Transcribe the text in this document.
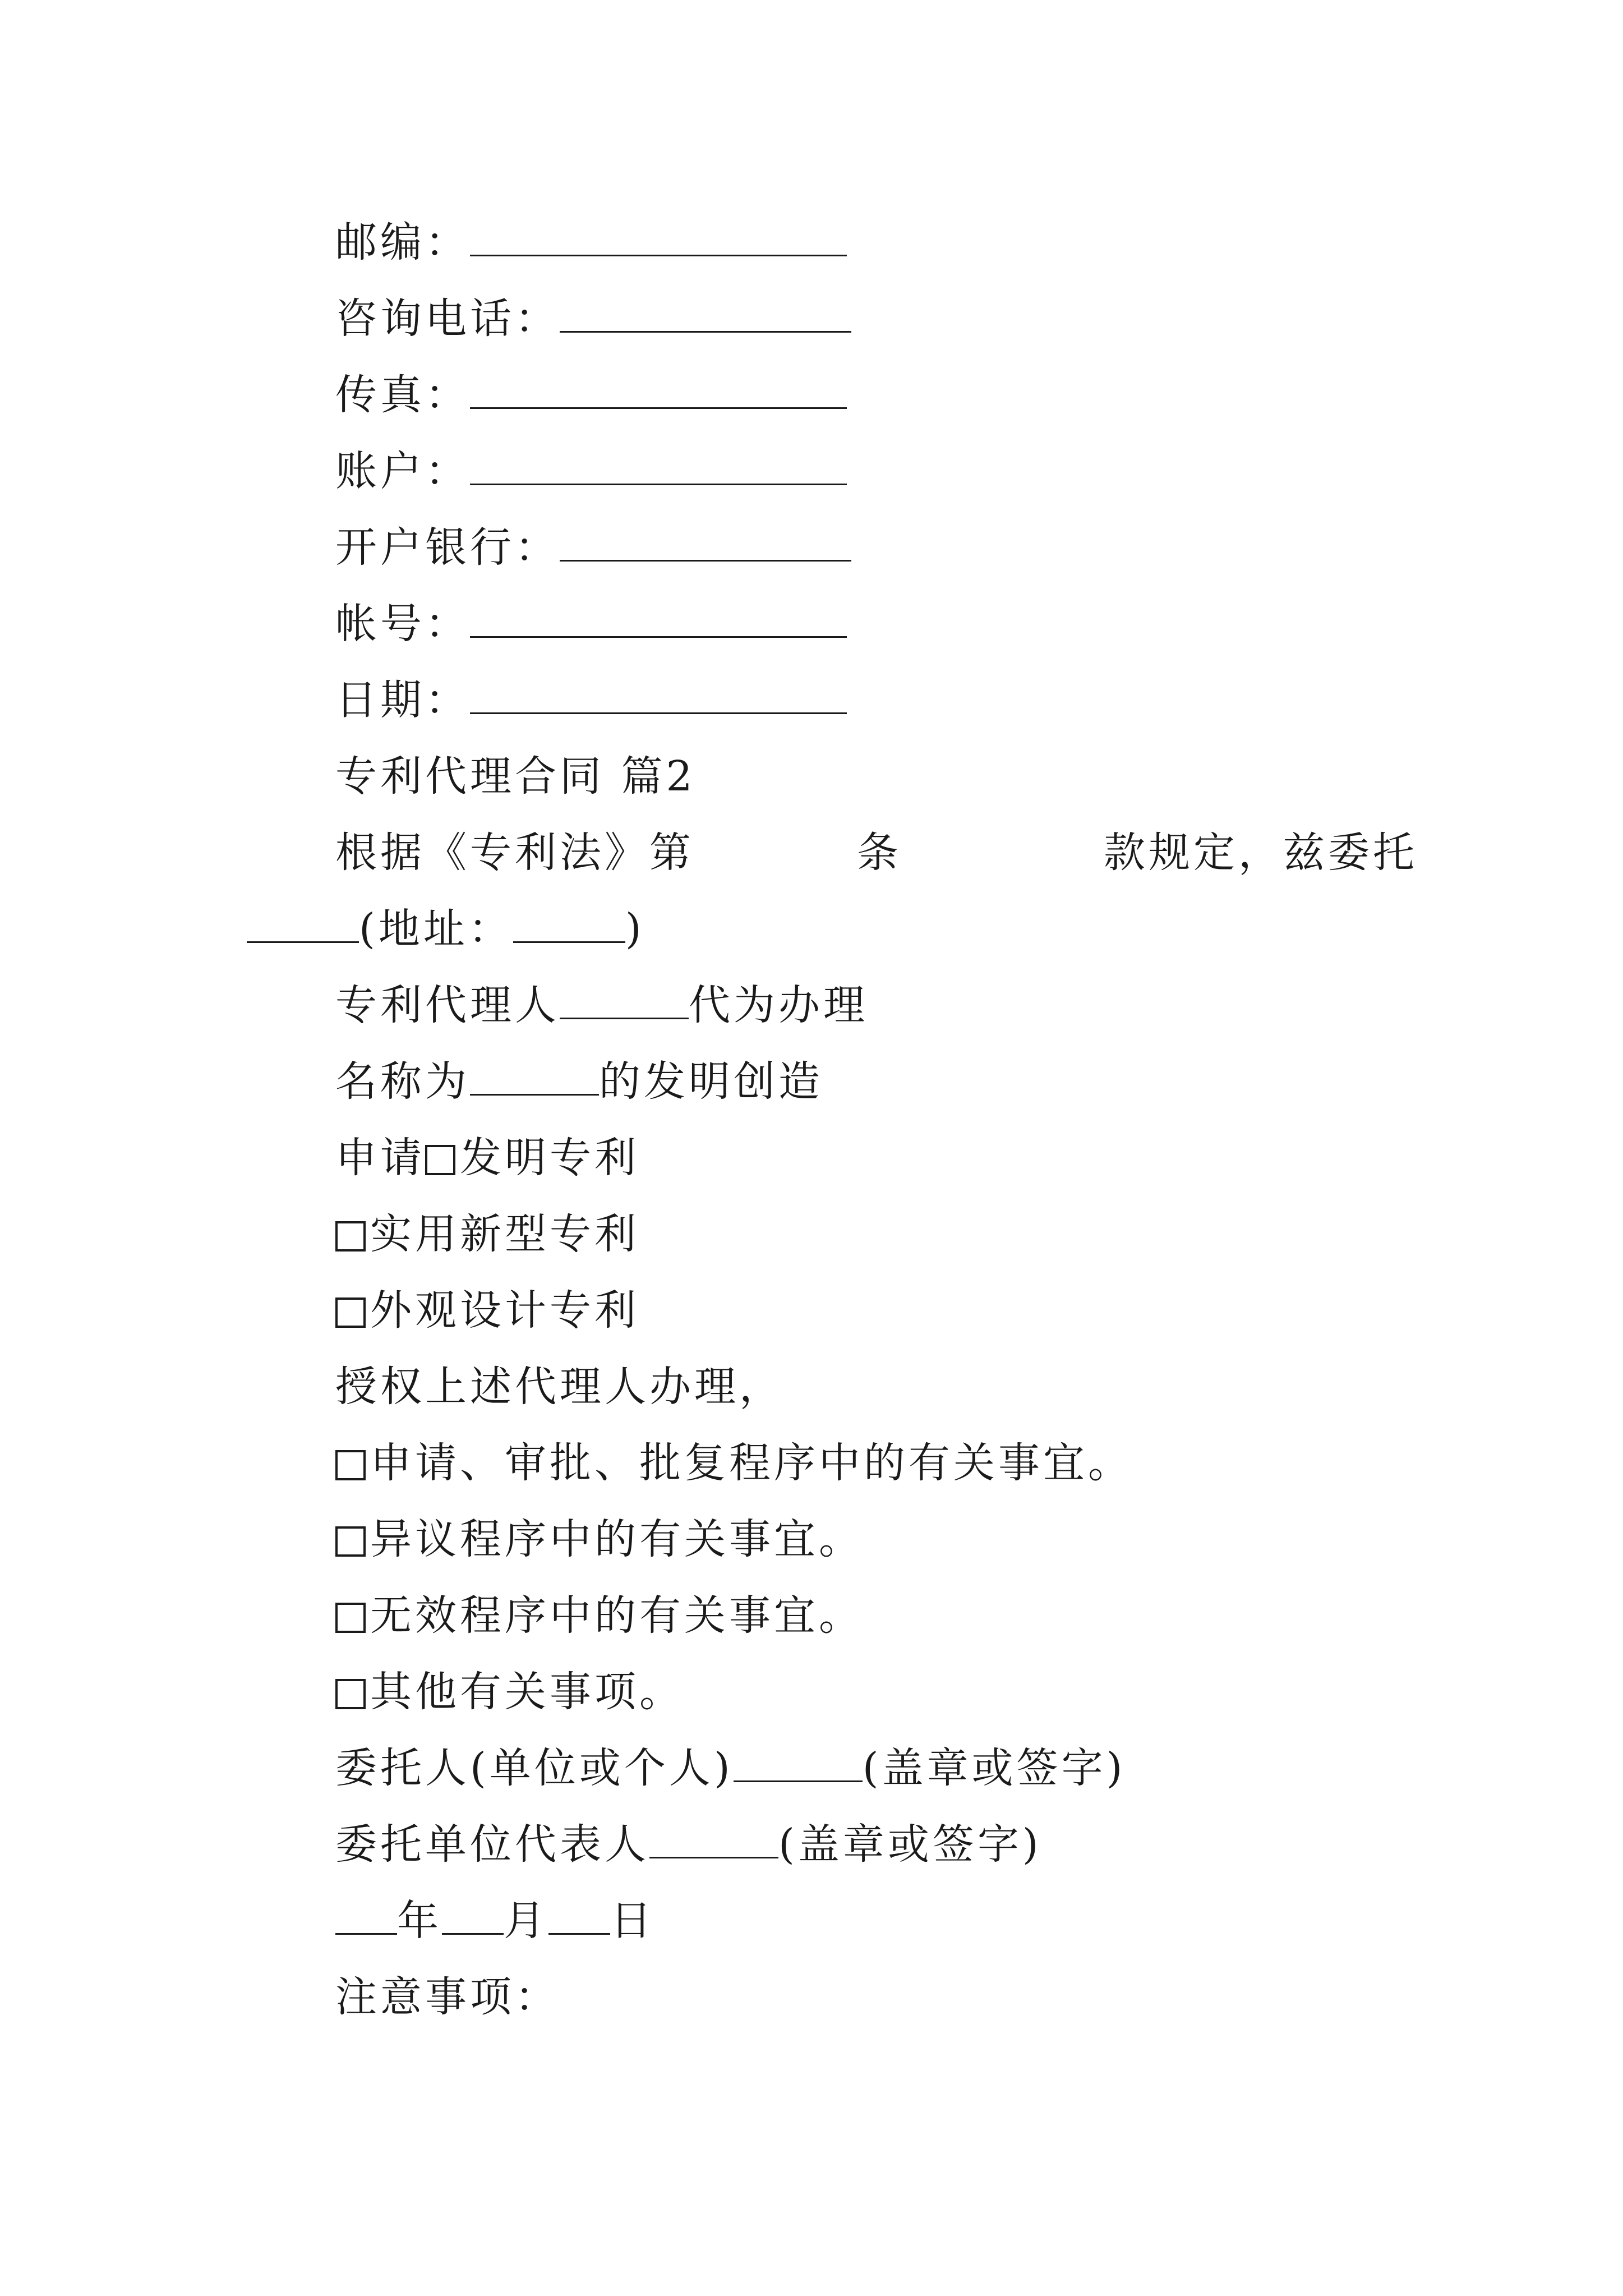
邮编：
咨询电话：
传真：
账户：
开户银行：
帐号：
日期：
专利代理合同 篇2
根据《专利法》第	条	款规定，兹委托
(地址：	)
专利代理人	代为办理
名称为	的发明创造
申请 发明专利
实用新型专利
外观设计专利
授权上述代理人办理，
申请、审批、批复程序中的有关事宜。
异议程序中的有关事宜。
无效程序中的有关事宜。
其他有关事项。
委托人(单位或个人)	(盖章或签字)
委托单位代表人	(盖章或签字)
年 月 日
注意事项：
